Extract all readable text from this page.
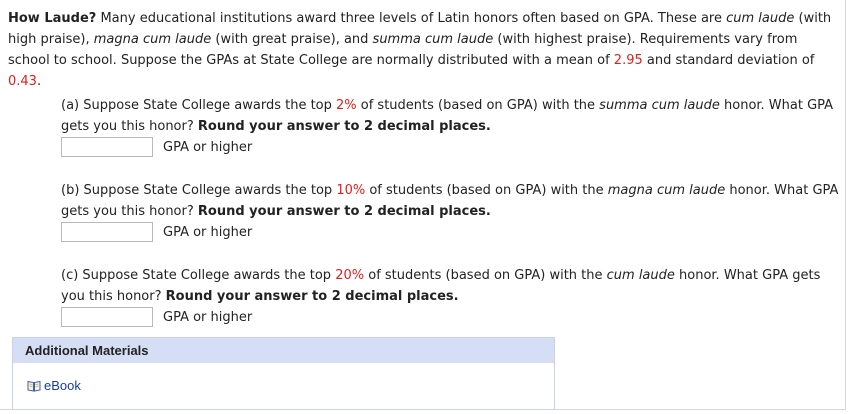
How Laude? Many educational institutions award three levels of Latin honors often based on GPA. These are cum laude (with high praise), magna cum laude (with great praise), and summa cum laude (with highest praise). Requirements vary from school to school. Suppose the GPAs at State College are normally distributed with a mean of 2.95 and standard deviation of 0.43.

(a) Suppose State College awards the top 2% of students (based on GPA) with the summa cum laude honor. What GPA gets you this honor? Round your answer to 2 decimal places.

GPA or higher

(b) Suppose State College awards the top 10% of students (based on GPA) with the magna cum laude honor. What GPA gets you this honor? Round your answer to 2 decimal places.

GPA or higher

(c) Suppose State College awards the top 20% of students (based on GPA) with the cum laude honor. What GPA gets you this honor? Round your answer to 2 decimal places.

GPA or higher
Additional Materials
eBook
